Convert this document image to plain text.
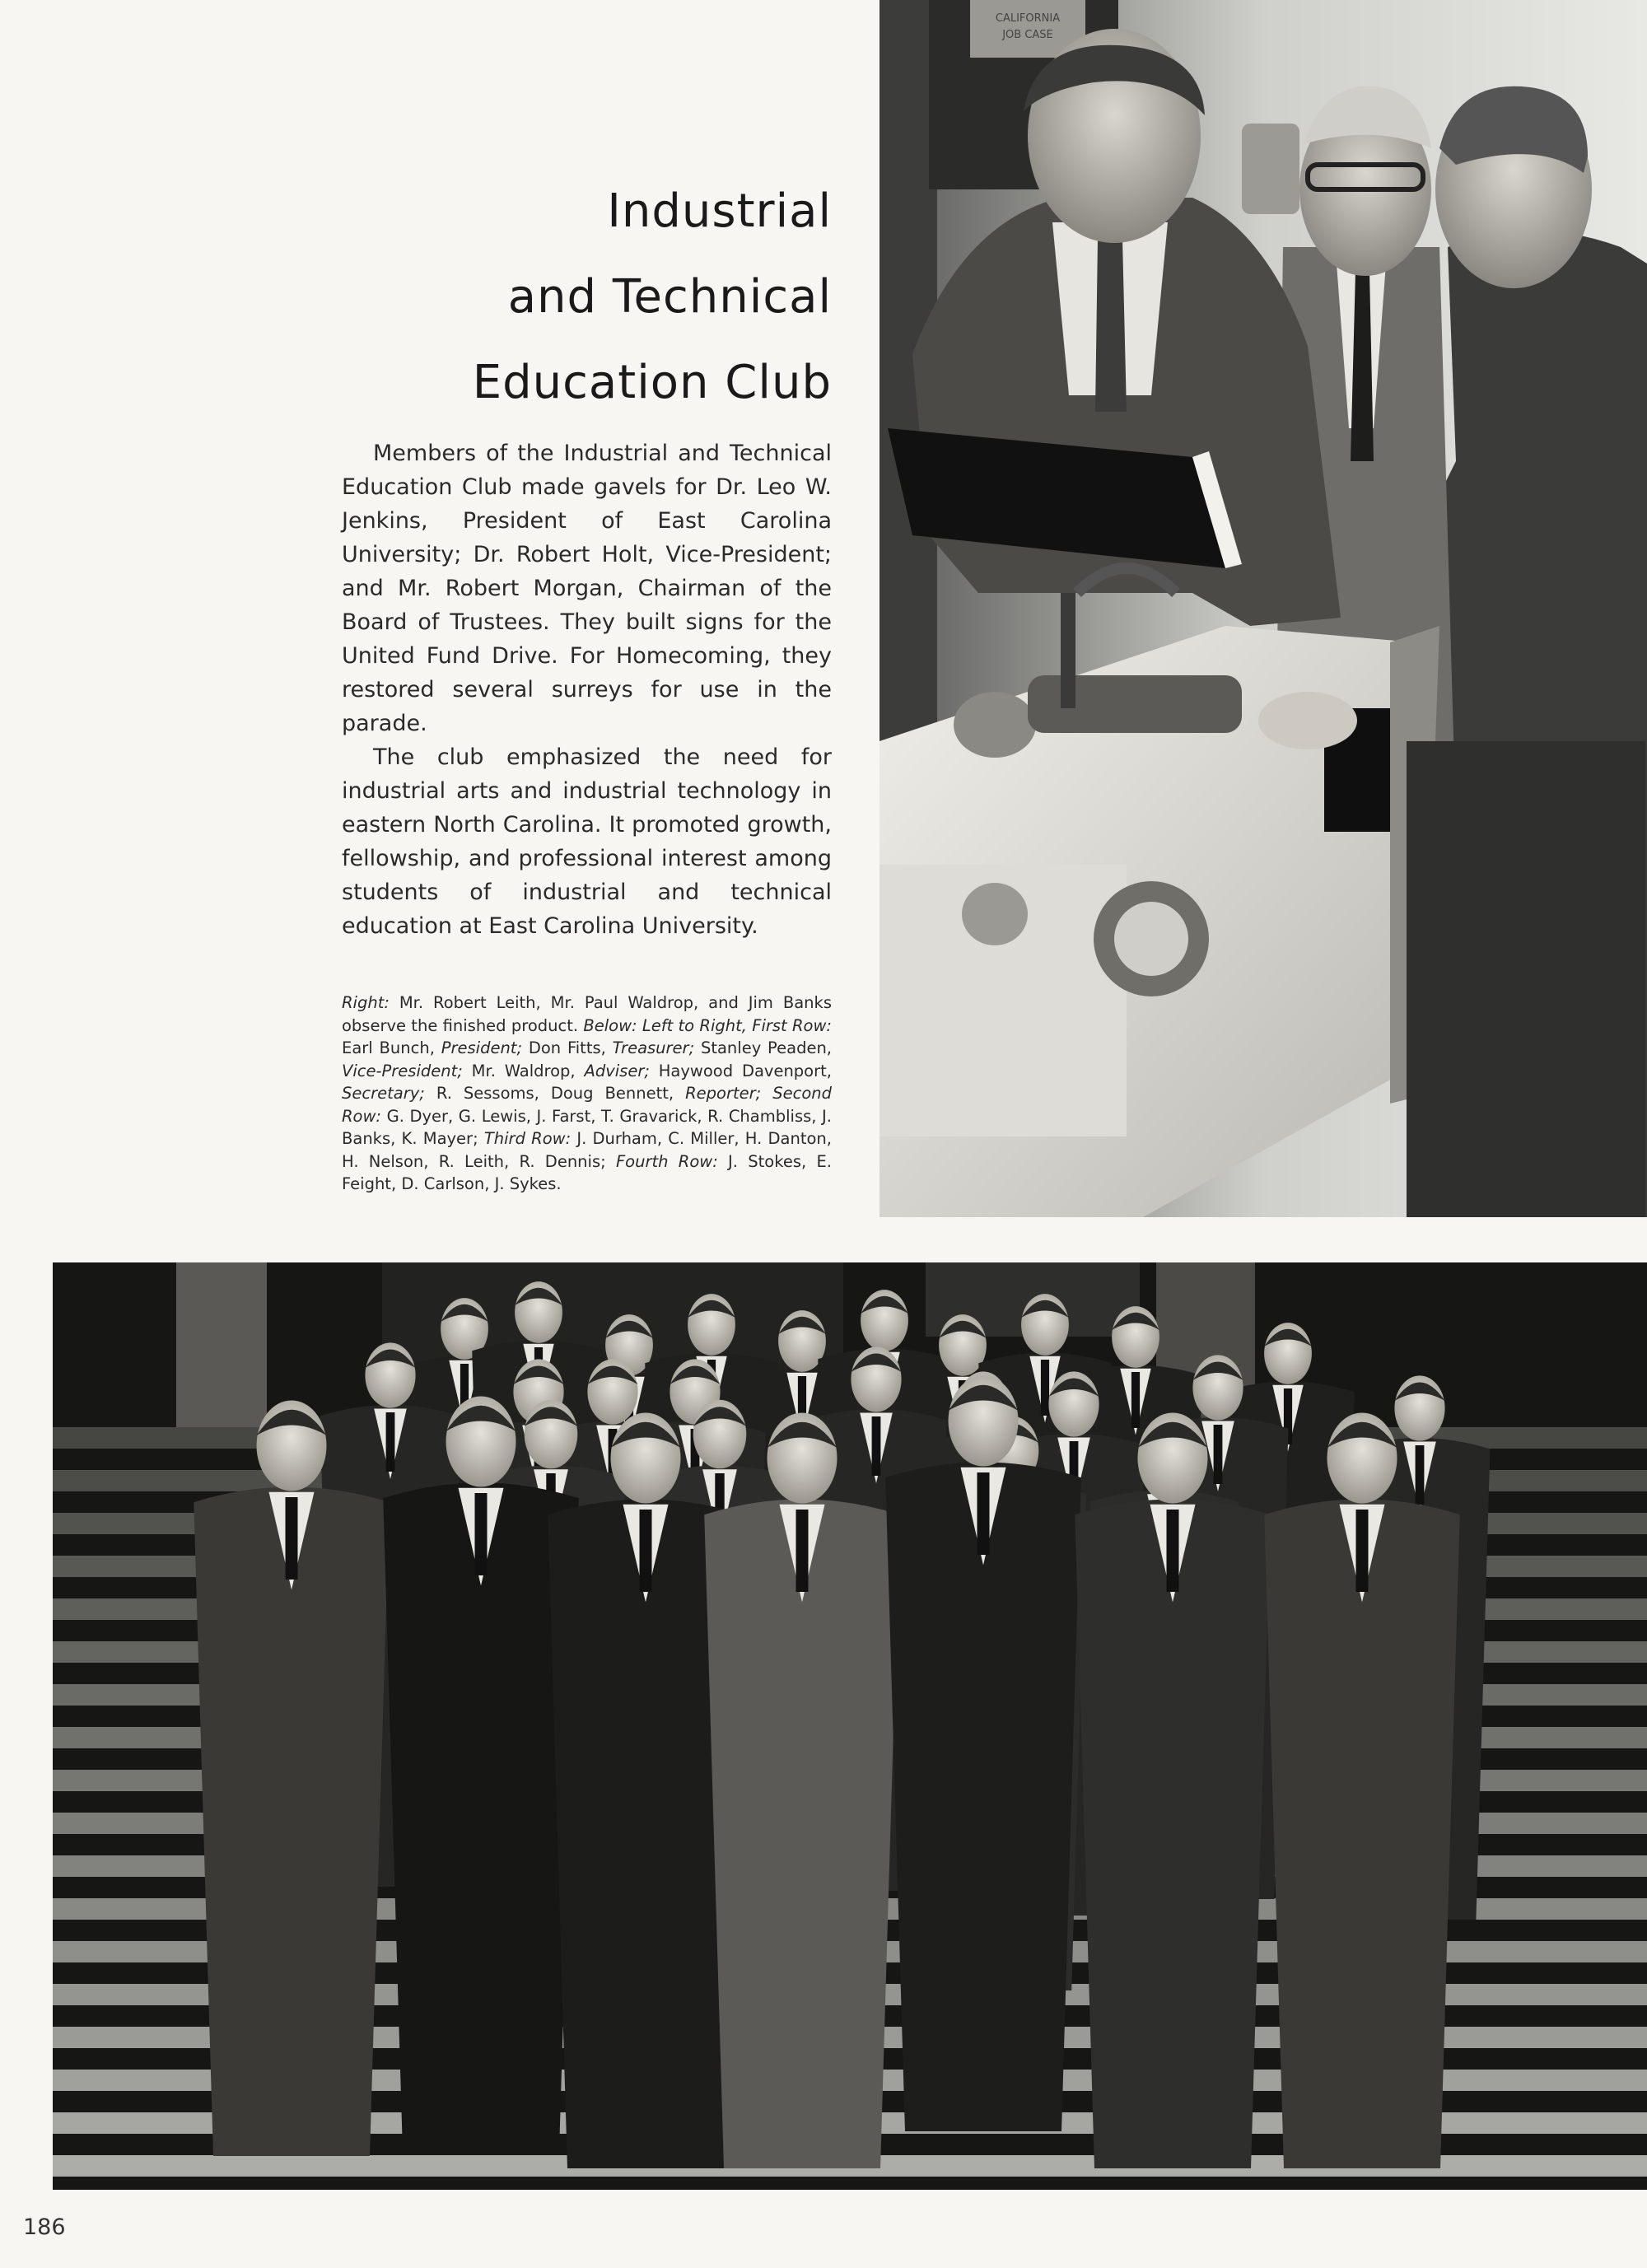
Industrial
and Technical
Education Club

Members of the Industrial and Technical Education Club made gavels for Dr. Leo W. Jenkins, President of East Carolina University; Dr. Robert Holt, Vice-President; and Mr. Robert Morgan, Chairman of the Board of Trustees. They built signs for the United Fund Drive. For Homecoming, they restored several surreys for use in the parade.

The club emphasized the need for industrial arts and industrial technology in eastern North Carolina. It promoted growth, fellowship, and professional interest among students of industrial and technical education at East Carolina University.

Right: Mr. Robert Leith, Mr. Paul Waldrop, and Jim Banks observe the finished product. Below: Left to Right, First Row: Earl Bunch, President; Don Fitts, Treasurer; Stanley Peaden, Vice-President; Mr. Waldrop, Adviser; Haywood Davenport, Secretary; R. Sessoms, Doug Bennett, Reporter; Second Row: G. Dyer, G. Lewis, J. Farst, T. Gravarick, R. Chambliss, J. Banks, K. Mayer; Third Row: J. Durham, C. Miller, H. Danton, H. Nelson, R. Leith, R. Dennis; Fourth Row: J. Stokes, E. Feight, D. Carlson, J. Sykes.
CALIFORNIA
JOB CASE
186
